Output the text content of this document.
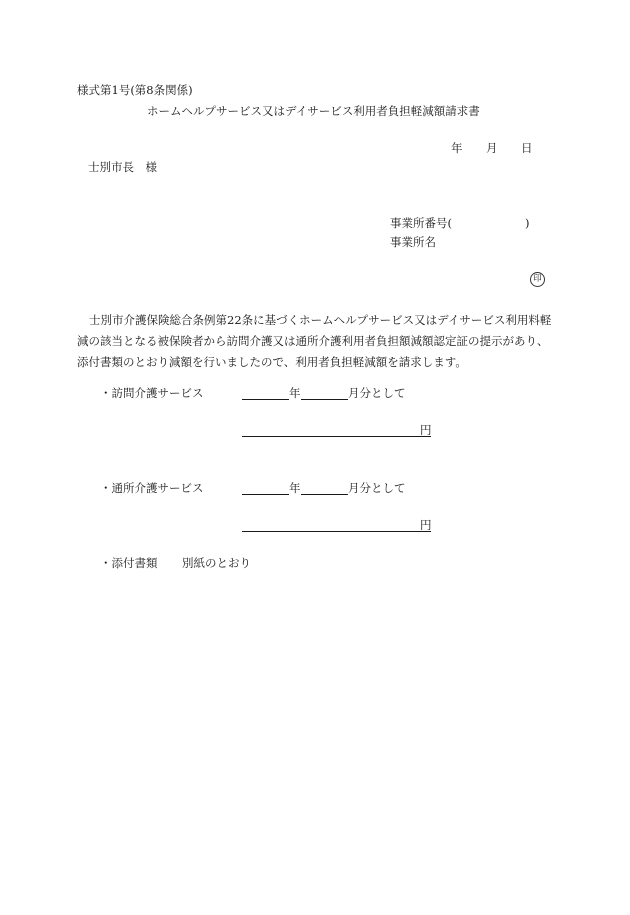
様式第1号(第8条関係)
ホームヘルプサービス又はデイサービス利用者負担軽減額請求書
年 月 日
士別市長　様
事業所番号(	)
事業所名
印
士別市介護保険総合条例第22条に基づくホームヘルプサービス又はデイサービス利用料軽減の該当となる被保険者から訪問介護又は通所介護利用者負担額減額認定証の提示があり、添付書類のとおり減額を行いましたので、利用者負担軽減額を請求します。
・訪問介護サービス	年	月分として
円
・通所介護サービス	年	月分として
円
・添付書類 別紙のとおり
